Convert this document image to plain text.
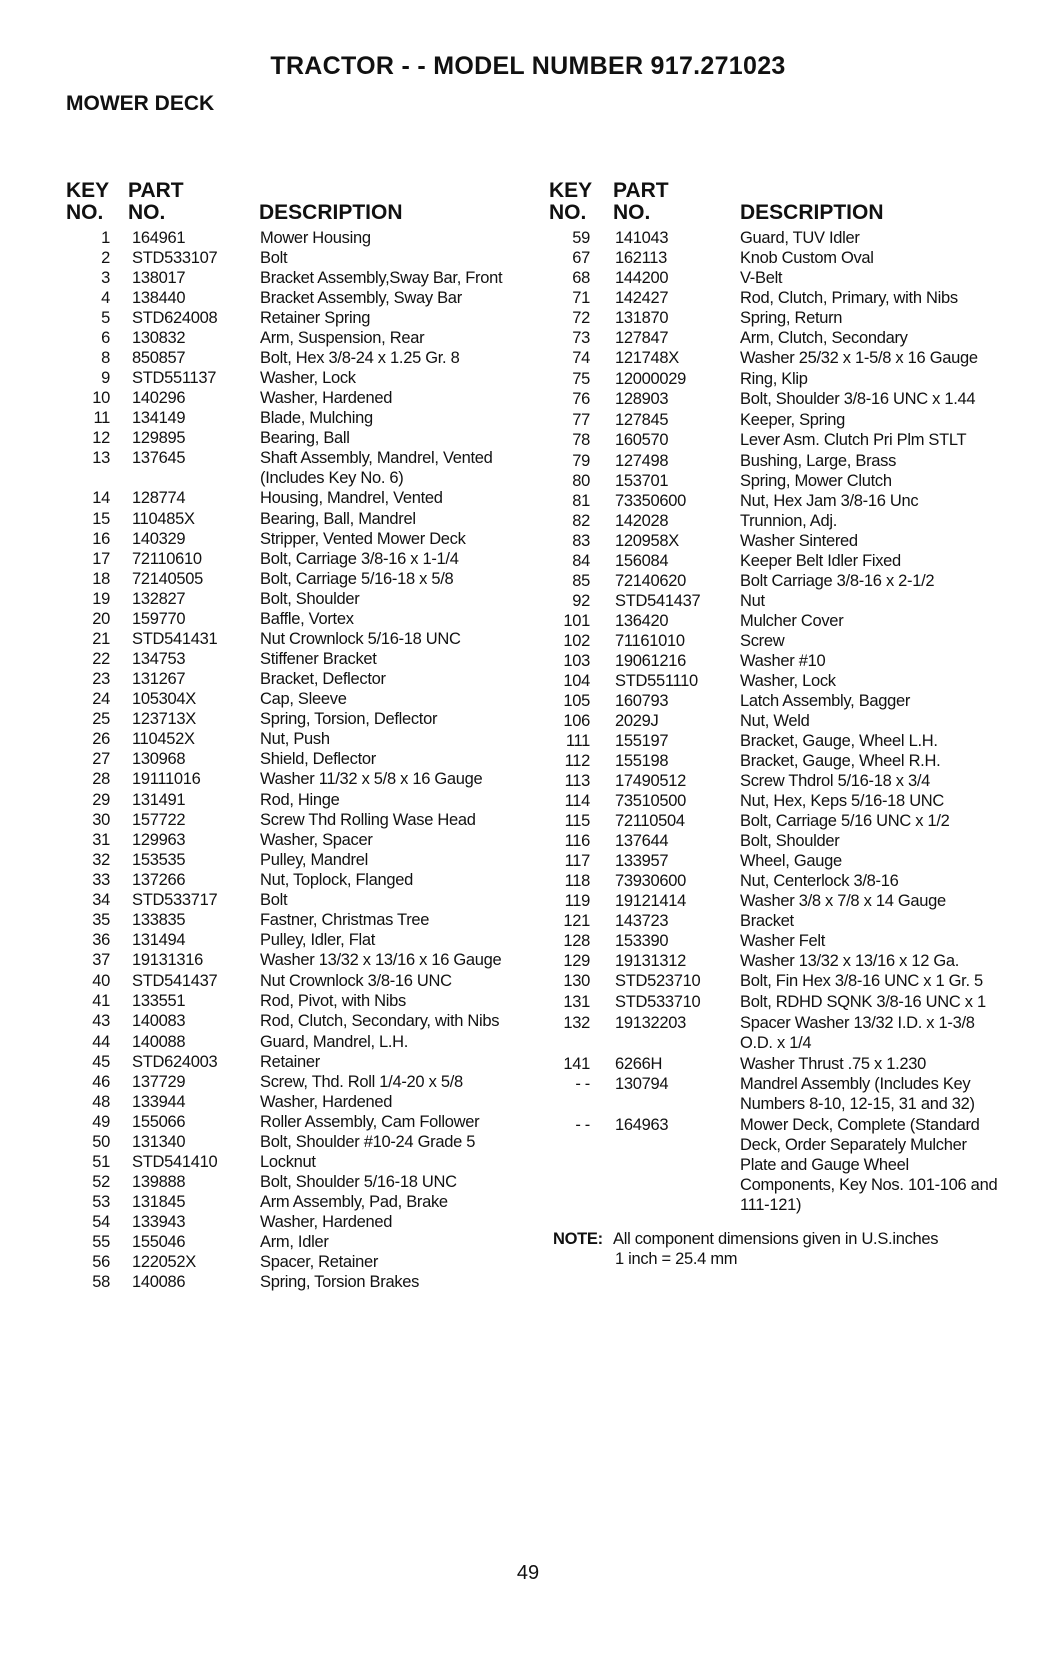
TRACTOR - - MODEL NUMBER 917.271023
MOWER DECK
KEY
NO.
PART
NO.	DESCRIPTION
1 164961	Mower Housing
2 STD533107	Bolt
3 138017	Bracket Assembly,Sway Bar, Front
4 138440	Bracket Assembly, Sway Bar
5 STD624008	Retainer Spring
6 130832	Arm, Suspension, Rear
8 850857	Bolt, Hex 3/8-24 x 1.25 Gr. 8
9 STD551137	Washer, Lock
10 140296	Washer, Hardened
11 134149	Blade, Mulching
12 129895	Bearing, Ball
13 137645	Shaft Assembly, Mandrel, Vented (Includes Key No. 6)
14 128774	Housing, Mandrel, Vented
15 110485X	Bearing, Ball, Mandrel
16 140329	Stripper, Vented Mower Deck
17 72110610	Bolt, Carriage 3/8-16 x 1-1/4
18 72140505	Bolt, Carriage 5/16-18 x 5/8
19 132827	Bolt, Shoulder
20 159770	Baffle, Vortex
21 STD541431	Nut Crownlock 5/16-18 UNC
22 134753	Stiffener Bracket
23 131267	Bracket, Deflector
24 105304X	Cap, Sleeve
25 123713X	Spring, Torsion, Deflector
26 110452X	Nut, Push
27 130968	Shield, Deflector
28 19111016	Washer 11/32 x 5/8 x 16 Gauge
29 131491	Rod, Hinge
30 157722	Screw Thd Rolling Wase Head
31 129963	Washer, Spacer
32 153535	Pulley, Mandrel
33 137266	Nut, Toplock, Flanged
34 STD533717	Bolt
35 133835	Fastner, Christmas Tree
36 131494	Pulley, Idler, Flat
37 19131316	Washer 13/32 x 13/16 x 16 Gauge
40 STD541437	Nut Crownlock 3/8-16 UNC
41 133551	Rod, Pivot, with Nibs
43 140083	Rod, Clutch, Secondary, with Nibs
44 140088	Guard, Mandrel, L.H.
45 STD624003	Retainer
46 137729	Screw, Thd. Roll 1/4-20 x 5/8
48 133944	Washer, Hardened
49 155066	Roller Assembly, Cam Follower
50 131340	Bolt, Shoulder #10-24 Grade 5
51 STD541410	Locknut
52 139888	Bolt, Shoulder 5/16-18 UNC
53 131845	Arm Assembly, Pad, Brake
54 133943	Washer, Hardened
55 155046	Arm, Idler
56 122052X	Spacer, Retainer
58 140086	Spring, Torsion Brakes
KEY
NO.
PART
NO.	DESCRIPTION
59 141043	Guard, TUV Idler
67 162113	Knob Custom Oval
68 144200	V-Belt
71 142427	Rod, Clutch, Primary, with Nibs
72 131870	Spring, Return
73 127847	Arm, Clutch, Secondary
74 121748X	Washer 25/32 x 1-5/8 x 16 Gauge
75 12000029	Ring, Klip
76 128903	Bolt, Shoulder 3/8-16 UNC x 1.44
77 127845	Keeper, Spring
78 160570	Lever Asm. Clutch Pri Plm STLT
79 127498	Bushing, Large, Brass
80 153701	Spring, Mower Clutch
81 73350600	Nut, Hex Jam 3/8-16 Unc
82 142028	Trunnion, Adj.
83 120958X	Washer Sintered
84 156084	Keeper Belt Idler Fixed
85 72140620	Bolt Carriage 3/8-16 x 2-1/2
92 STD541437 Nut
101 136420	Mulcher Cover
102 71161010	Screw
103 19061216	Washer #10
104 STD551110	Washer, Lock
105 160793	Latch Assembly, Bagger
106 2029J	Nut, Weld
111 155197	Bracket, Gauge, Wheel L.H.
112 155198	Bracket, Gauge, Wheel R.H.
113 17490512	Screw Thdrol 5/16-18 x 3/4
114 73510500	Nut, Hex, Keps 5/16-18 UNC
115 72110504	Bolt, Carriage 5/16 UNC x 1/2
116 137644	Bolt, Shoulder
117 133957	Wheel, Gauge
118 73930600	Nut, Centerlock 3/8-16
119 19121414	Washer 3/8 x 7/8 x 14 Gauge
121 143723	Bracket
128 153390	Washer Felt
129 19131312	Washer 13/32 x 13/16 x 12 Ga.
130 STD523710 Bolt, Fin Hex 3/8-16 UNC x 1 Gr. 5
131 STD533710 Bolt, RDHD SQNK 3/8-16 UNC x 1
132 19132203	Spacer Washer 13/32 I.D. x 1-3/8 O.D. x 1/4
141 6266H	Washer Thrust .75 x 1.230
- - 130794	Mandrel Assembly (Includes Key Numbers 8-10, 12-15, 31 and 32)
- - 164963	Mower Deck, Complete (Standard Deck, Order Separately Mulcher Plate and Gauge Wheel Components, Key Nos. 101-106 and 111-121)
NOTE: All component dimensions given in U.S.inches
1 inch = 25.4 mm
49
